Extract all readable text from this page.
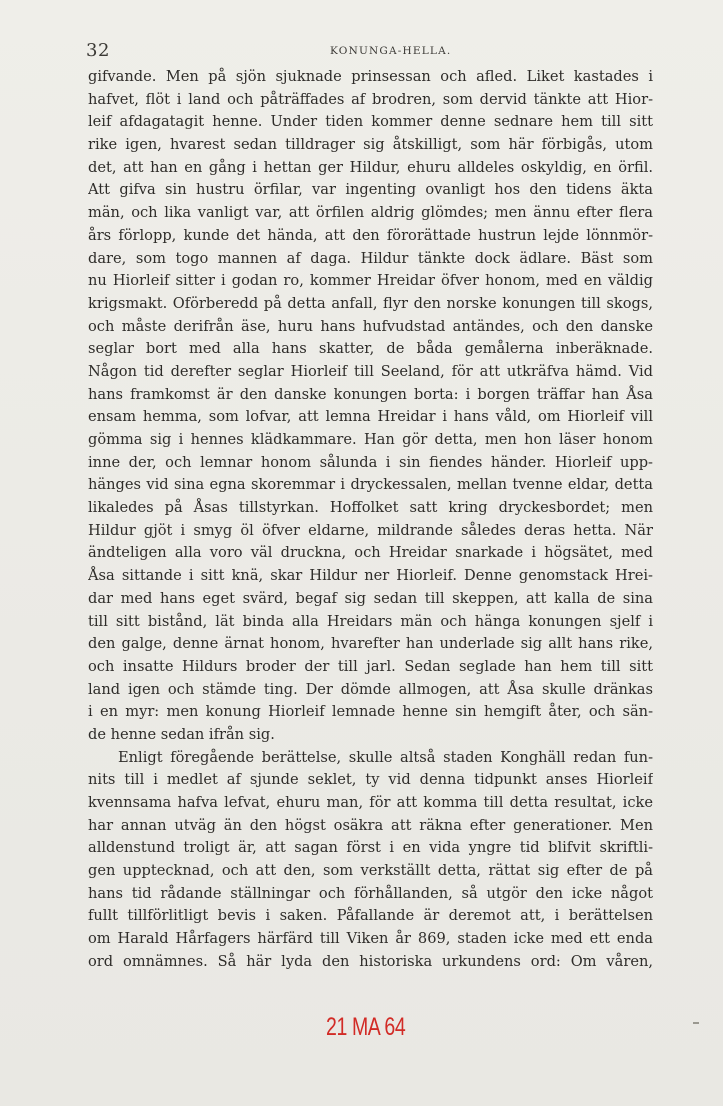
32	KONUNGA-HELLA.
gifvande. Men på sjön sjuknade prinsessan och afled. Liket kastades i
hafvet, flöt i land och påträffades af brodren, som dervid tänkte att Hior-
leif afdagatagit henne. Under tiden kommer denne sednare hem till sitt
rike igen, hvarest sedan tilldrager sig åtskilligt, som här förbigås, utom
det, att han en gång i hettan ger Hildur, ehuru alldeles oskyldig, en örfil.
Att gifva sin hustru örfilar, var ingenting ovanligt hos den tidens äkta
män, och lika vanligt var, att örfilen aldrig glömdes; men ännu efter flera
års förlopp, kunde det hända, att den förorättade hustrun lejde lönnmör-
dare, som togo mannen af daga. Hildur tänkte dock ädlare. Bäst som
nu Hiorleif sitter i godan ro, kommer Hreidar öfver honom, med en väldig
krigsmakt. Oförberedd på detta anfall, flyr den norske konungen till skogs,
och måste derifrån äse, huru hans hufvudstad antändes, och den danske
seglar bort med alla hans skatter, de båda gemålerna inberäknade.
Någon tid derefter seglar Hiorleif till Seeland, för att utkräfva hämd. Vid
hans framkomst är den danske konungen borta: i borgen träffar han Åsa
ensam hemma, som lofvar, att lemna Hreidar i hans våld, om Hiorleif vill
gömma sig i hennes klädkammare. Han gör detta, men hon läser honom
inne der, och lemnar honom sålunda i sin fiendes händer. Hiorleif upp-
hänges vid sina egna skoremmar i dryckessalen, mellan tvenne eldar, detta
likaledes på Åsas tillstyrkan. Hoffolket satt kring dryckesbordet; men
Hildur gjöt i smyg öl öfver eldarne, mildrande således deras hetta. När
ändteligen alla voro väl druckna, och Hreidar snarkade i högsätet, med
Åsa sittande i sitt knä, skar Hildur ner Hiorleif. Denne genomstack Hrei-
dar med hans eget svärd, begaf sig sedan till skeppen, att kalla de sina
till sitt bistånd, lät binda alla Hreidars män och hänga konungen sjelf i
den galge, denne ärnat honom, hvarefter han underlade sig allt hans rike,
och insatte Hildurs broder der till jarl. Sedan seglade han hem till sitt
land igen och stämde ting. Der dömde allmogen, att Åsa skulle dränkas
i en myr: men konung Hiorleif lemnade henne sin hemgift åter, och sän-
de henne sedan ifrån sig.
Enligt föregående berättelse, skulle altså staden Konghäll redan fun-
nits till i medlet af sjunde seklet, ty vid denna tidpunkt anses Hiorleif
kvennsama hafva lefvat, ehuru man, för att komma till detta resultat, icke
har annan utväg än den högst osäkra att räkna efter generationer. Men
alldenstund troligt är, att sagan först i en vida yngre tid blifvit skriftli-
gen upptecknad, och att den, som verkställt detta, rättat sig efter de på
hans tid rådande ställningar och förhållanden, så utgör den icke något
fullt tillförlitligt bevis i saken. Påfallande är deremot att, i berättelsen
om Harald Hårfagers härfärd till Viken år 869, staden icke med ett enda
ord omnämnes. Så här lyda den historiska urkundens ord: Om våren,
21 MA 64
